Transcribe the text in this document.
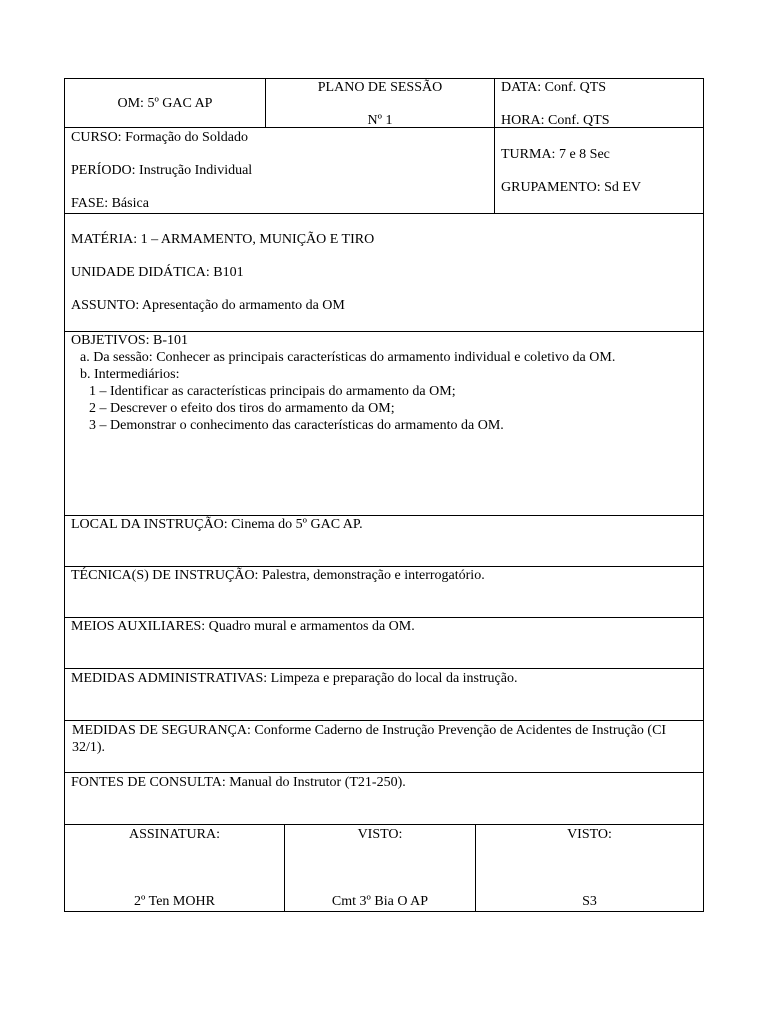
OM: 5º GAC AP
PLANO DE SESSÃO
Nº 1
DATA: Conf. QTS
HORA: Conf. QTS
CURSO: Formação do Soldado
PERÍODO: Instrução Individual
FASE: Básica
TURMA: 7 e 8 Sec
GRUPAMENTO: Sd EV
MATÉRIA: 1 – ARMAMENTO, MUNIÇÃO E TIRO
UNIDADE DIDÁTICA: B101
ASSUNTO: Apresentação do armamento da OM
OBJETIVOS: B-101
a. Da sessão: Conhecer as principais características do armamento individual e coletivo da OM.
b. Intermediários:
1 – Identificar as características principais do armamento da OM;
2 – Descrever o efeito dos tiros do armamento da OM;
3 – Demonstrar o conhecimento das características do armamento da OM.
LOCAL DA INSTRUÇÃO: Cinema do 5º GAC AP.
TÉCNICA(S) DE INSTRUÇÃO: Palestra, demonstração e interrogatório.
MEIOS AUXILIARES: Quadro mural e armamentos da OM.
MEDIDAS ADMINISTRATIVAS: Limpeza e preparação do local da instrução.
MEDIDAS DE SEGURANÇA: Conforme Caderno de Instrução Prevenção de Acidentes de Instrução (CI 32/1).
FONTES DE CONSULTA: Manual do Instrutor (T21-250).
ASSINATURA:
2º Ten MOHR
VISTO:
Cmt 3º Bia O AP
VISTO:
S3
